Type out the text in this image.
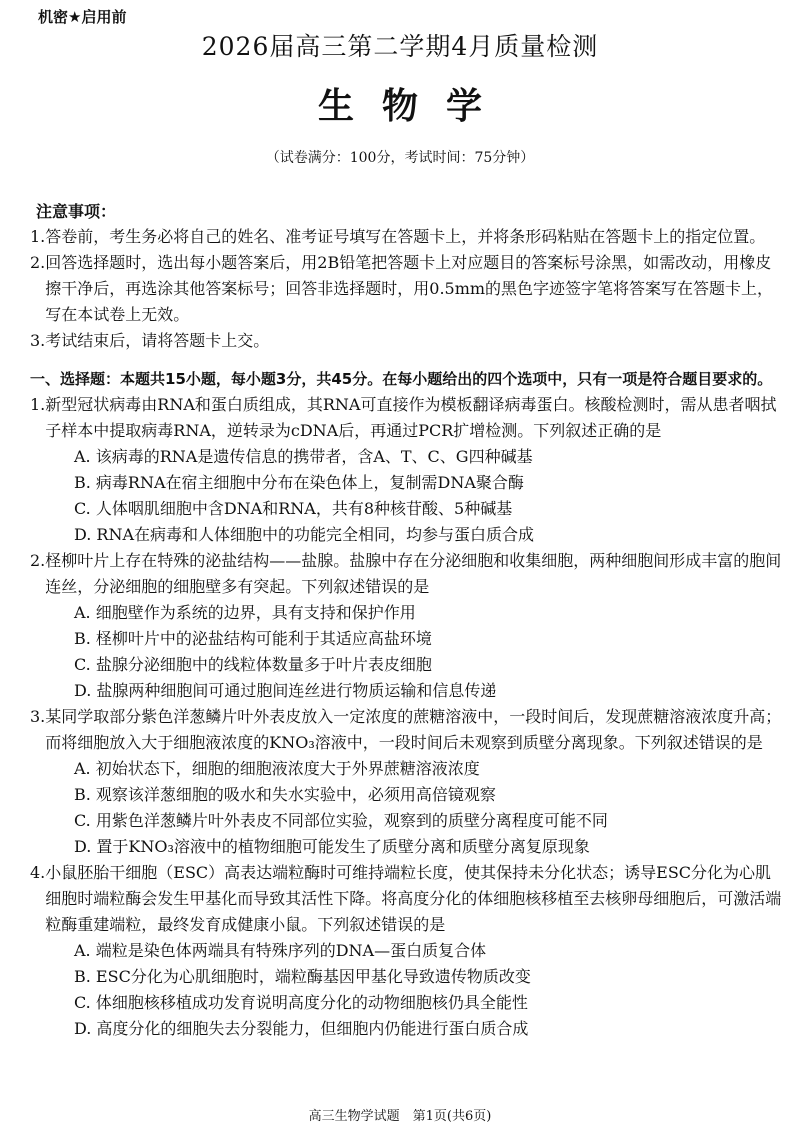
机密★启用前
2026届高三第二学期4月质量检测
生物学
（试卷满分：100分，考试时间：75分钟）
注意事项：
1. 答卷前，考生务必将自己的姓名、准考证号填写在答题卡上，并将条形码粘贴在答题卡上的指定位置。
2. 回答选择题时，选出每小题答案后，用2B铅笔把答题卡上对应题目的答案标号涂黑，如需改动，用橡皮擦干净后，再选涂其他答案标号；回答非选择题时，用0.5mm的黑色字迹签字笔将答案写在答题卡上，写在本试卷上无效。
3. 考试结束后，请将答题卡上交。
一、 选择题：本题共15小题，每小题3分，共45分。在每小题给出的四个选项中，只有一项是符合题目要求的。
1. 新型冠状病毒由RNA和蛋白质组成，其RNA可直接作为模板翻译病毒蛋白。核酸检测时，需从患者咽拭子样本中提取病毒RNA，逆转录为cDNA后，再通过PCR扩增检测。下列叙述正确的是
A. 该病毒的RNA是遗传信息的携带者，含A、T、C、G四种碱基
B. 病毒RNA在宿主细胞中分布在染色体上，复制需DNA聚合酶
C. 人体咽肌细胞中含DNA和RNA，共有8种核苷酸、5种碱基
D. RNA在病毒和人体细胞中的功能完全相同，均参与蛋白质合成
2. 柽柳叶片上存在特殊的泌盐结构——盐腺。盐腺中存在分泌细胞和收集细胞，两种细胞间形成丰富的胞间连丝，分泌细胞的细胞壁多有突起。下列叙述错误的是
A. 细胞壁作为系统的边界，具有支持和保护作用
B. 柽柳叶片中的泌盐结构可能利于其适应高盐环境
C. 盐腺分泌细胞中的线粒体数量多于叶片表皮细胞
D. 盐腺两种细胞间可通过胞间连丝进行物质运输和信息传递
3. 某同学取部分紫色洋葱鳞片叶外表皮放入一定浓度的蔗糖溶液中，一段时间后，发现蔗糖溶液浓度升高；而将细胞放入大于细胞液浓度的KNO₃溶液中，一段时间后未观察到质壁分离现象。下列叙述错误的是
A. 初始状态下，细胞的细胞液浓度大于外界蔗糖溶液浓度
B. 观察该洋葱细胞的吸水和失水实验中，必须用高倍镜观察
C. 用紫色洋葱鳞片叶外表皮不同部位实验，观察到的质壁分离程度可能不同
D. 置于KNO₃溶液中的植物细胞可能发生了质壁分离和质壁分离复原现象
4. 小鼠胚胎干细胞（ESC）高表达端粒酶时可维持端粒长度，使其保持未分化状态；诱导ESC分化为心肌细胞时端粒酶会发生甲基化而导致其活性下降。将高度分化的体细胞核移植至去核卵母细胞后，可激活端粒酶重建端粒，最终发育成健康小鼠。下列叙述错误的是
A. 端粒是染色体两端具有特殊序列的DNA—蛋白质复合体
B. ESC分化为心肌细胞时，端粒酶基因甲基化导致遗传物质改变
C. 体细胞核移植成功发育说明高度分化的动物细胞核仍具全能性
D. 高度分化的细胞失去分裂能力，但细胞内仍能进行蛋白质合成
高三生物学试题　第1页(共6页)
